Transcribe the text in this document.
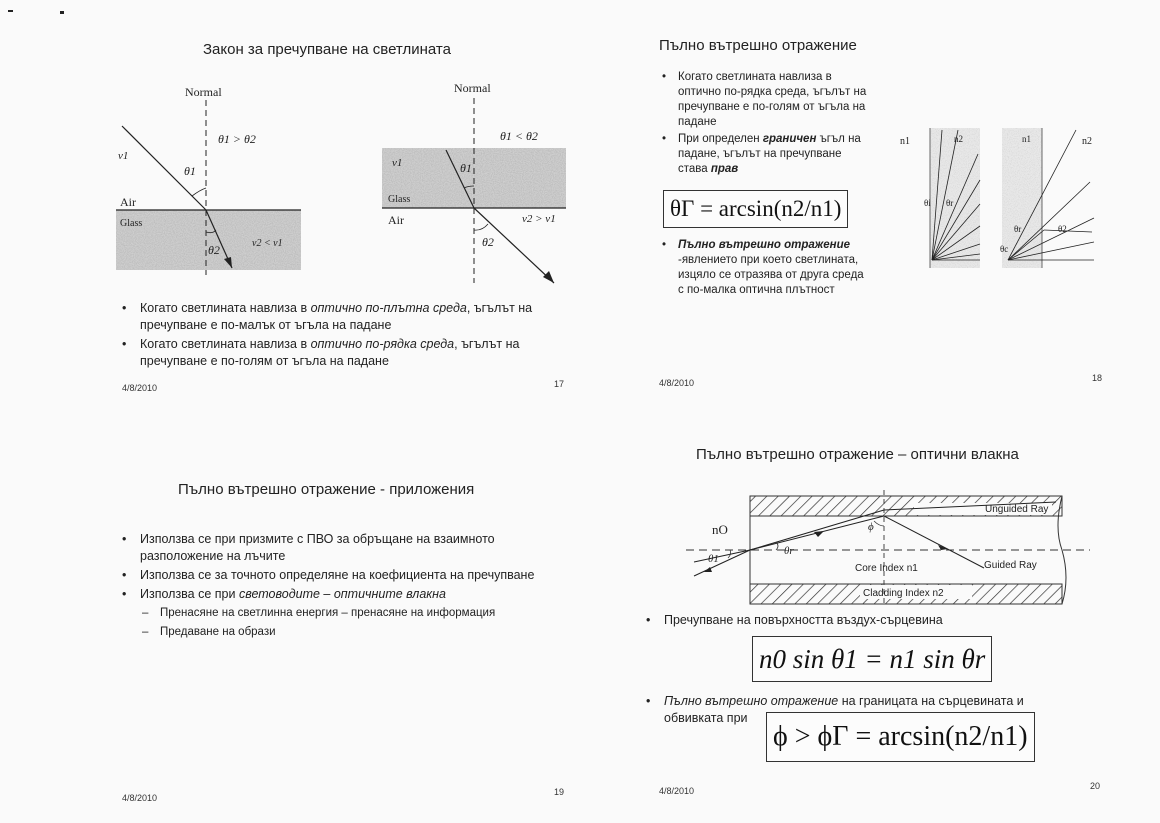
Закон за пречупване на светлината
Normal
v1
θ1
θ1 > θ2
Air
Glass
θ2	v2 < v1
Normal
θ1 < θ2
v1	θ1
Glass
Air	v2 > v1
θ2
• Когато светлината навлиза в оптично по-плътна среда, ъгълът на пречупване е по-малък от ъгъла на падане
• Когато светлината навлиза в оптично по-рядка среда, ъгълът на пречупване е по-голям от ъгъла на падане
4/8/2010	17
Пълно вътрешно отражение
• Когато светлината навлиза в оптично по-рядка среда, ъгълът на пречупване е по-голям от ъгъла на падане
• При определен граничен ъгъл на падане, ъгълът на пречупване става прав
θΓ = arcsin(n2/n1)
• Пълно вътрешно отражение -явлението при което светлината, изцяло се отразява от друга среда с по-малка оптична плътност
n1	n2	n1	n2
θi θr
θr	θ2
θc
4/8/2010	18
Пълно вътрешно отражение - приложения
• Използва се при призмите с ПВО за обръщане на взаимното разположение на лъчите
• Използва се за точното определяне на коефициента на пречупване
• Използва се при световодите – оптичните влакна
– Пренасяне на светлинна енергия – пренасяне на информация
– Предаване на образи
4/8/2010
19
Пълно вътрешно отражение – оптични влакна
nO
θ1
θr
ϕ
Unguided Ray
Guided Ray
Core Index n1
Cladding Index n2
• Пречупване на повърхността въздух-сърцевина
n0 sin θ1 = n1 sin θr
• Пълно вътрешно отражение на границата на сърцевината и обвивката при
ϕ > ϕΓ = arcsin(n2/n1)
4/8/2010	20
